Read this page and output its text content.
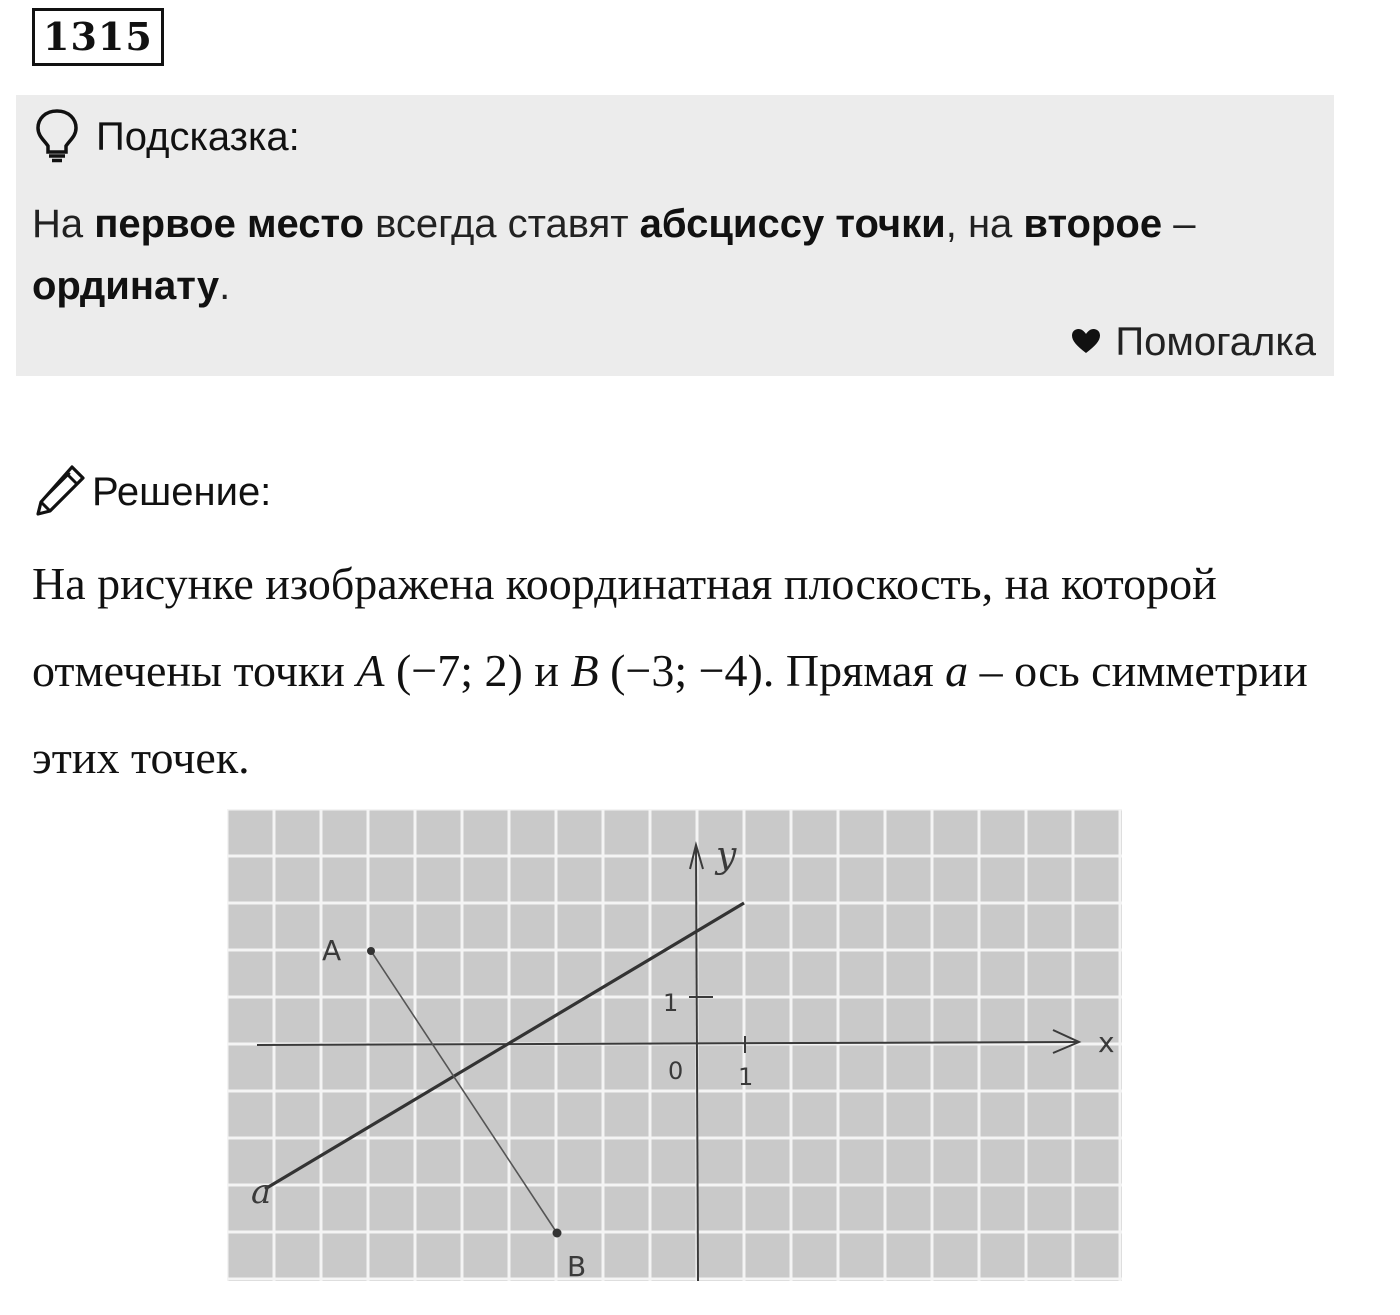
1315
Подсказка:
На первое место всегда ставят абсциссу точки, на второе – ординату.
Помогалка
Решение:
На рисунке изображена координатная плоскость, на которой отмечены точки A (−7; 2) и B (−3; −4). Прямая a – ось симметрии этих точек.
A
B
a
x
y
0 1
1
